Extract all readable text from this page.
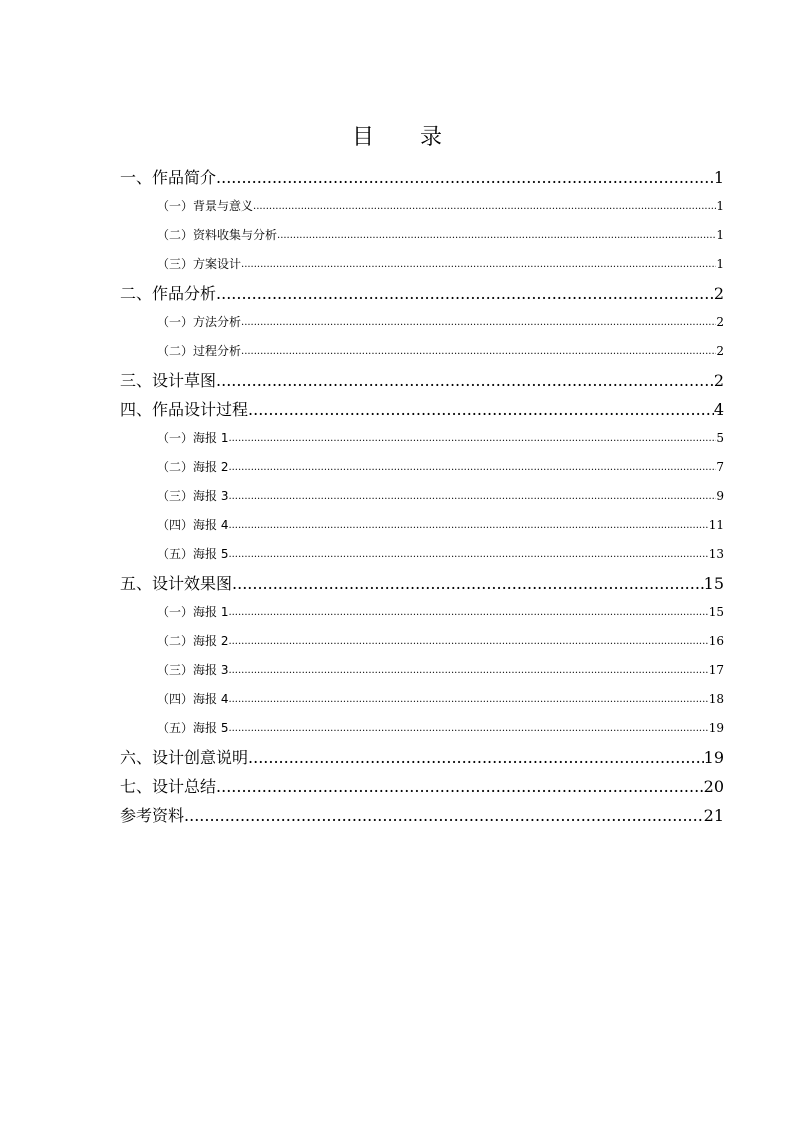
目 录
一、作品简介 .....	1
（一）背景与意义 .....	1
（二）资料收集与分析 .....	1
（三）方案设计 .....	1
二、作品分析 .....	2
（一）方法分析 .....	2
（二）过程分析 .....	2
三、设计草图 .....	2
四、作品设计过程 .....	4
（一）海报 1 .....	5
（二）海报 2 .....	7
（三）海报 3 .....	9
（四）海报 4 .....	11
（五）海报 5 .....	13
五、设计效果图 .....	15
（一）海报 1 .....	15
（二）海报 2 .....	16
（三）海报 3 .....	17
（四）海报 4 .....	18
（五）海报 5 .....	19
六、设计创意说明 .....	19
七、设计总结 .....	20
参考资料 .....	21
